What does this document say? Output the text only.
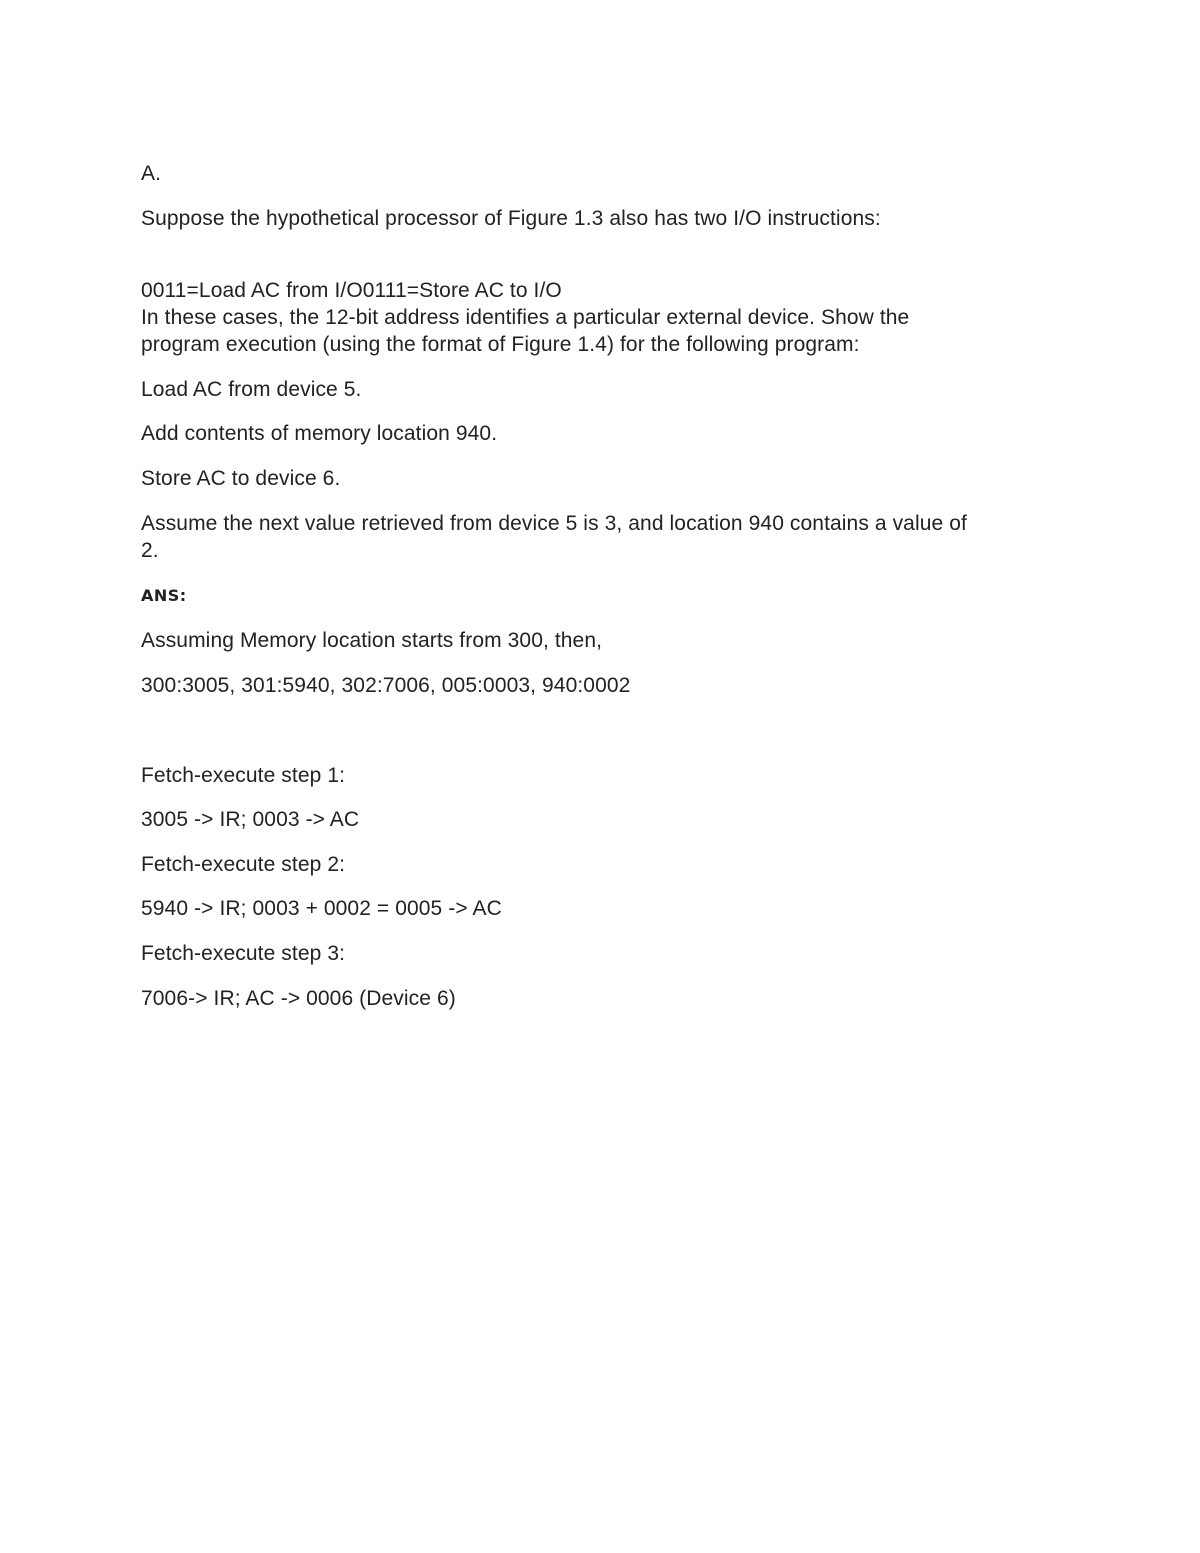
A.
Suppose the hypothetical processor of Figure 1.3 also has two I/O instructions:
0011=Load AC from I/O0111=Store AC to I/O
In these cases, the 12-bit address identifies a particular external device. Show the
program execution (using the format of Figure 1.4) for the following program:
Load AC from device 5.
Add contents of memory location 940.
Store AC to device 6.
Assume the next value retrieved from device 5 is 3, and location 940 contains a value of
2.
ANS:
Assuming Memory location starts from 300, then,
300:3005, 301:5940, 302:7006, 005:0003, 940:0002
Fetch-execute step 1:
3005 -> IR; 0003 -> AC
Fetch-execute step 2:
5940 -> IR; 0003 + 0002 = 0005 -> AC
Fetch-execute step 3:
7006-> IR; AC -> 0006 (Device 6)
